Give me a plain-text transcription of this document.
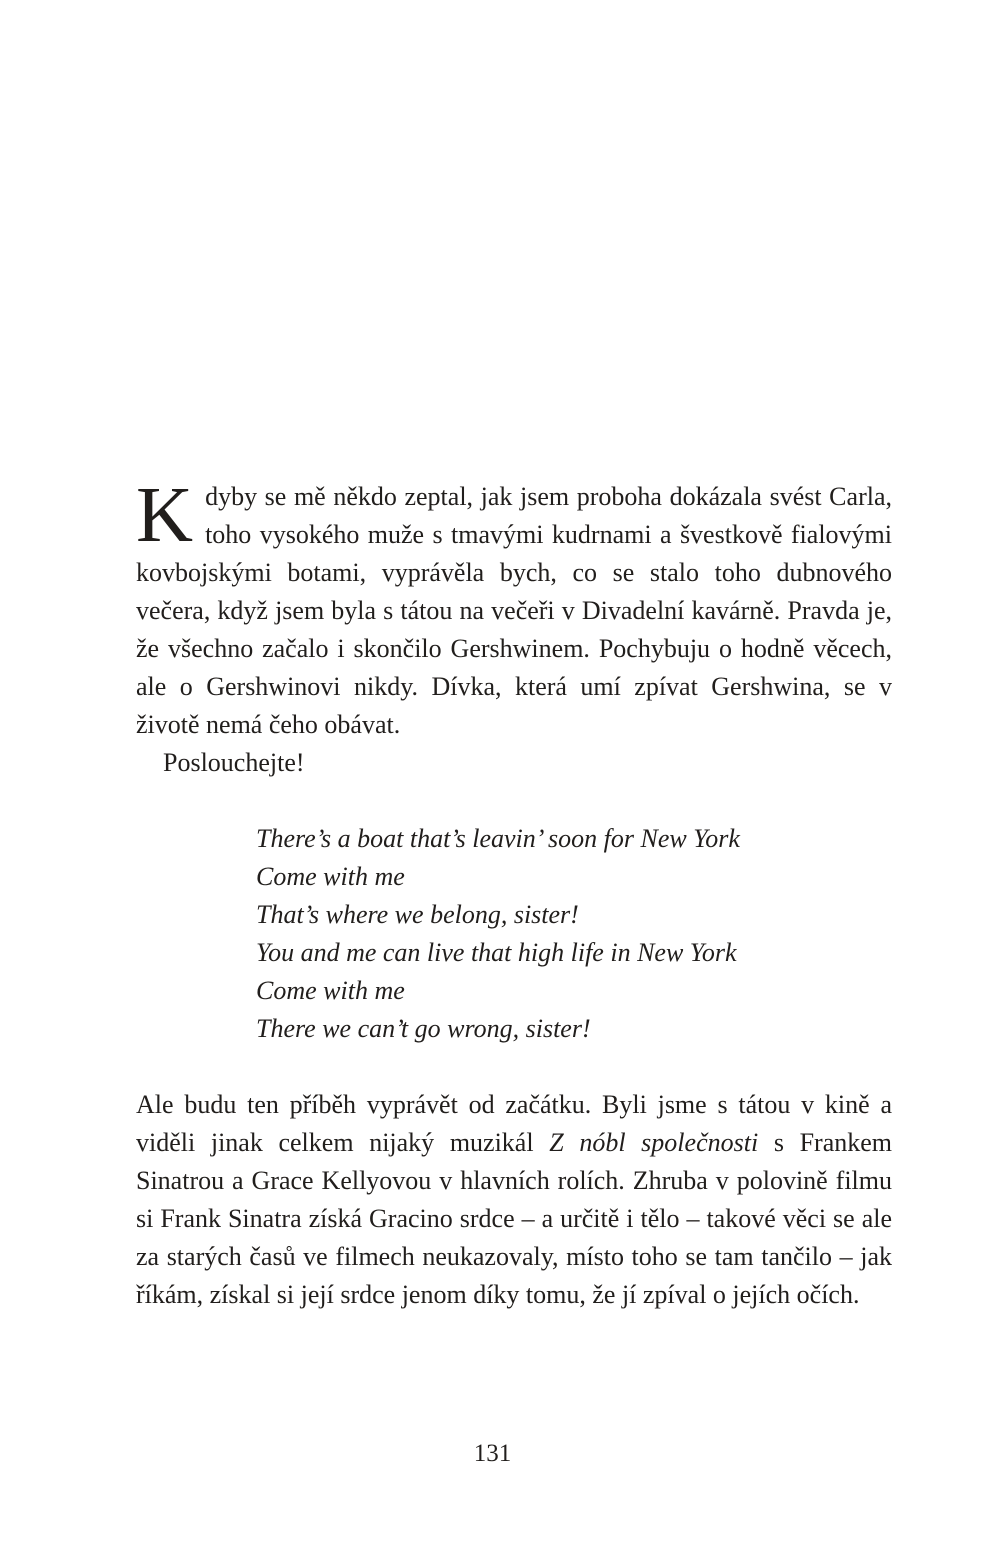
Kdyby se mě někdo zeptal, jak jsem proboha dokázala svést Carla, toho vysokého muže s tmavými kudrnami a švestkově fialovými kovbojskými botami, vyprávěla bych, co se stalo toho dubnového večera, když jsem byla s tátou na večeři v Divadelní kavárně. Pravda je, že všechno začalo i skončilo Gershwinem. Pochybuju o hodně věcech, ale o Gershwinovi nikdy. Dívka, která umí zpívat Gershwina, se v životě nemá čeho obávat.

Poslouchejte!

There’s a boat that’s leavin’ soon for New York
Come with me
That’s where we belong, sister!
You and me can live that high life in New York
Come with me
There we can’t go wrong, sister!

Ale budu ten příběh vyprávět od začátku. Byli jsme s tátou v kině a viděli jinak celkem nijaký muzikál Z nóbl společnosti s Frankem Sinatrou a Grace Kellyovou v hlavních rolích. Zhruba v polovině filmu si Frank Sinatra získá Gracino srdce – a určitě i tělo – takové věci se ale za starých časů ve filmech neukazovaly, místo toho se tam tančilo – jak říkám, získal si její srdce jenom díky tomu, že jí zpíval o jejích očích.

131
